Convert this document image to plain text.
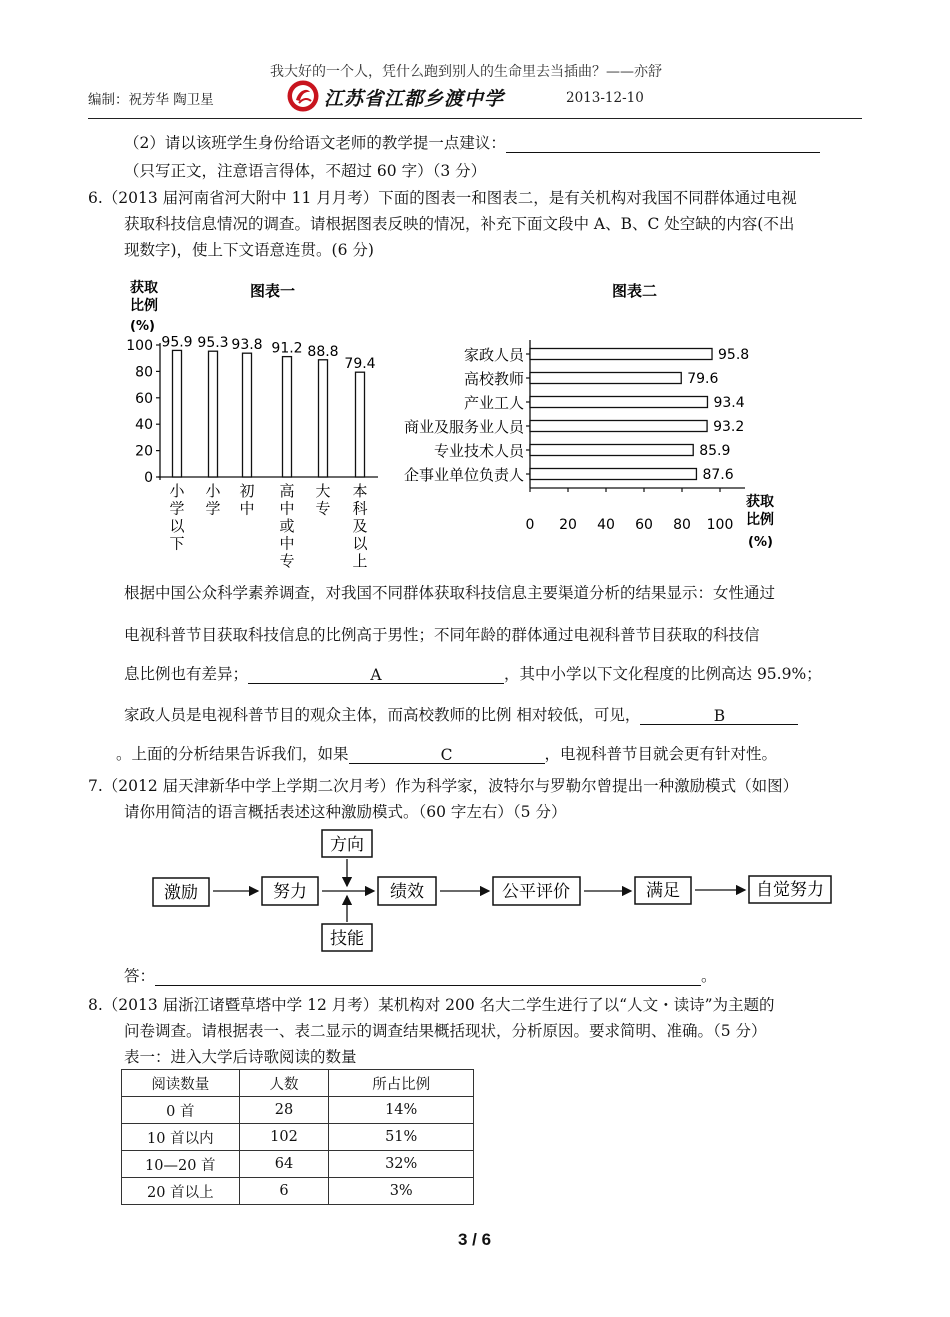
我大好的一个人，凭什么跑到别人的生命里去当插曲？——亦舒
编制：祝芳华 陶卫星	江苏省江都乡渡中学	2013-12-10
（2）请以该班学生身份给语文老师的教学提一点建议：
（只写正文，注意语言得体，不超过 60 字）（3 分）
6.（2013 届河南省河大附中 11 月月考）下面的图表一和图表二，是有关机构对我国不同群体通过电视
获取科技信息情况的调查。请根据图表反映的情况，补充下面文段中 A、B、C 处空缺的内容(不出
现数字)，使上下文语意连贯。(6 分)
图表一
获取
比例
(%)
0
20
40
60
80
100 95.9 95.3 93.8 91.2 88.8
79.4
小学以下
小学
初中
高中或中专
大专
本科及以上
图表二
0 20 40 60 80 100
95.8
79.6
93.4
93.2
85.9
87.6
家政人员
高校教师
产业工人
商业及服务业人员
专业技术人员
企事业单位负责人
获取
比例
(%)
根据中国公众科学素养调查，对我国不同群体获取科技信息主要渠道分析的结果显示：女性通过
电视科普节目获取科技信息的比例高于男性；不同年龄的群体通过电视科普节目获取的科技信
息比例也有差异；	A	，其中小学以下文化程度的比例高达 95.9%；
家政人员是电视科普节目的观众主体，而高校教师的比例 相对较低，可见，	B
。上面的分析结果告诉我们，如果	C	，电视科普节目就会更有针对性。
7.（2012 届天津新华中学上学期二次月考）作为科学家，波特尔与罗勒尔曾提出一种激励模式（如图）
请你用简洁的语言概括表述这种激励模式。（60 字左右）（5 分）
激励	努力
方向
技能
绩效	公平评价	满足	自觉努力
答：	。
8.（2013 届浙江诸暨草塔中学 12 月考）某机构对 200 名大二学生进行了以“人文・读诗”为主题的
问卷调查。请根据表一、表二显示的调查结果概括现状，分析原因。要求简明、准确。（5 分）
表一：进入大学后诗歌阅读的数量
阅读数量	人数	所占比例
0 首	28	14%
10 首以内	102	51%
10—20 首	64	32%
20 首以上	6	3%
3 / 6
